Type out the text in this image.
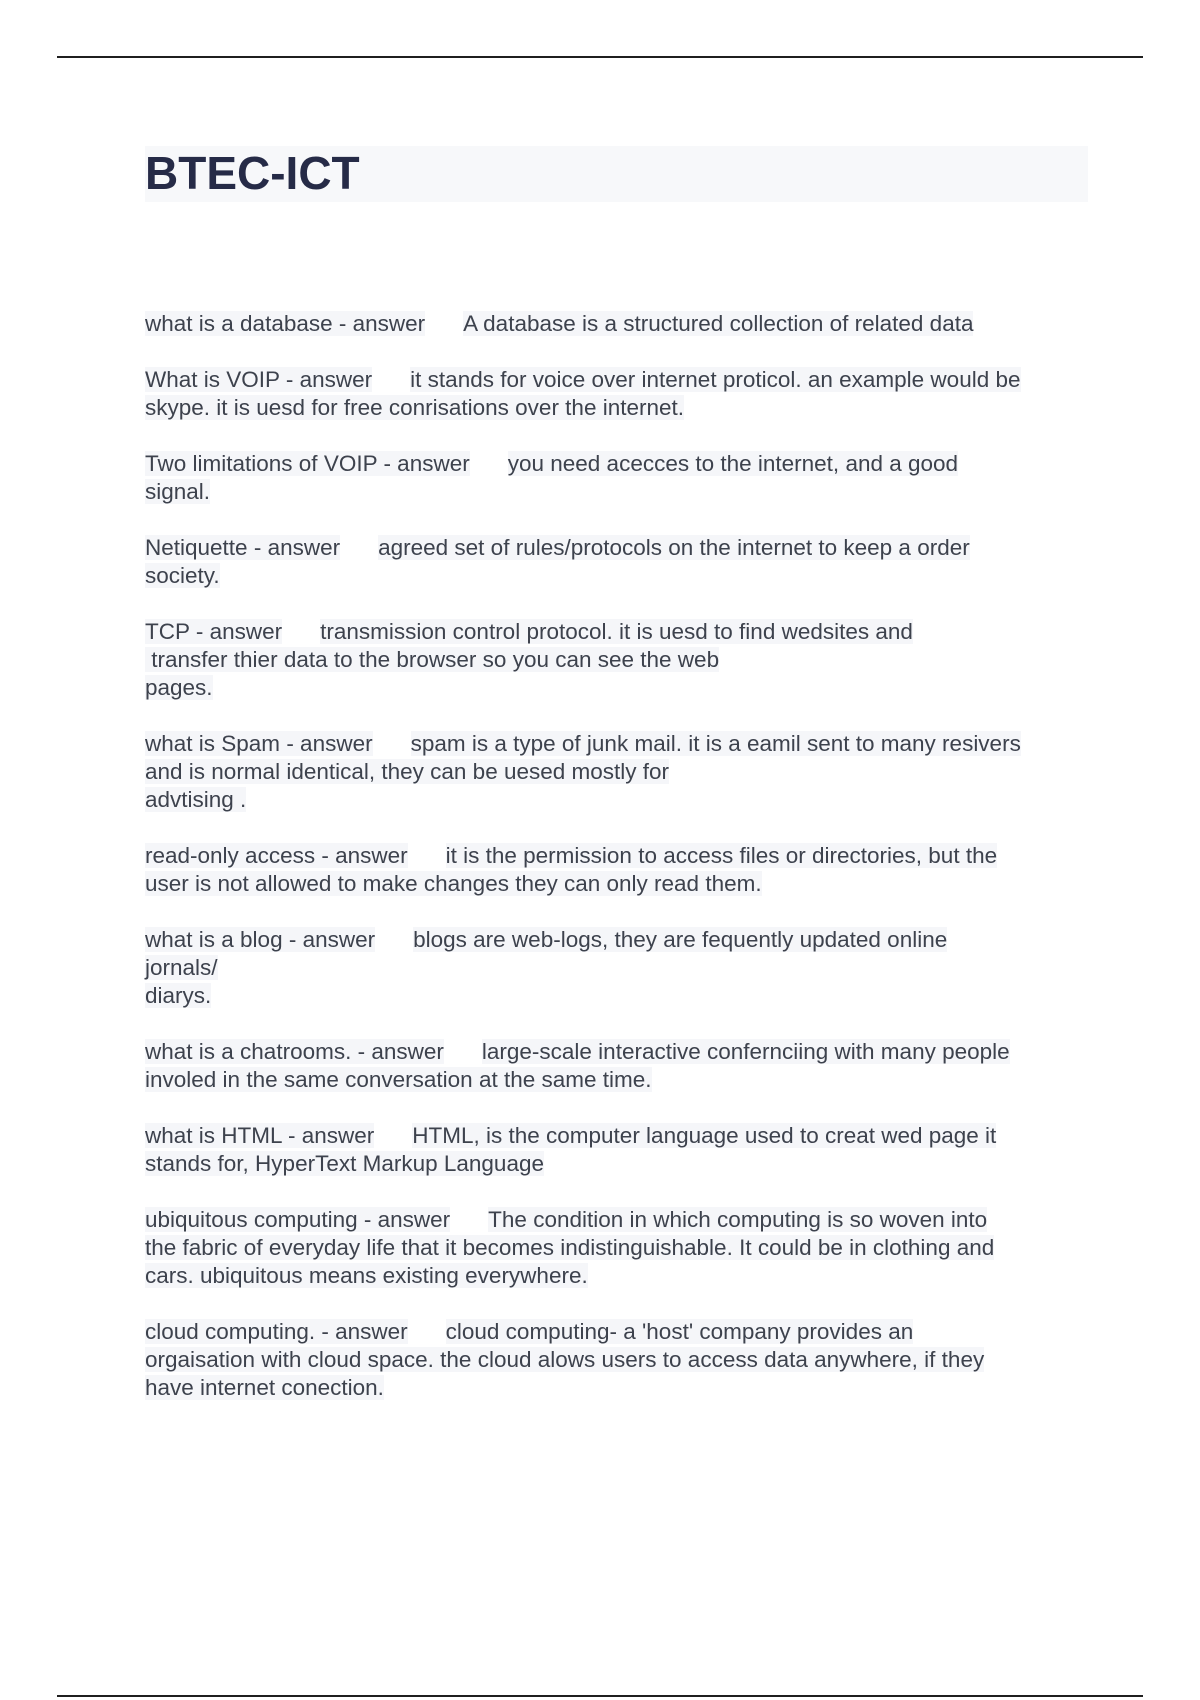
BTEC-ICT
what is a database - answer A database is a structured collection of related data
What is VOIP - answer it stands for voice over internet proticol. an example would be
skype. it is uesd for free conrisations over the internet.
Two limitations of VOIP - answer you need acecces to the internet, and a good
signal.
Netiquette - answer agreed set of rules/protocols on the internet to keep a order
society.
TCP - answer transmission control protocol. it is uesd to find wedsites and
transfer thier data to the browser so you can see the web
pages.
what is Spam - answer spam is a type of junk mail. it is a eamil sent to many resivers
and is normal identical, they can be uesed mostly for
advtising .
read-only access - answer it is the permission to access files or directories, but the
user is not allowed to make changes they can only read them.
what is a blog - answer blogs are web-logs, they are fequently updated online
jornals/
diarys.
what is a chatrooms. - answer large-scale interactive confernciing with many people
involed in the same conversation at the same time.
what is HTML - answer HTML, is the computer language used to creat wed page it
stands for, HyperText Markup Language
ubiquitous computing - answer The condition in which computing is so woven into
the fabric of everyday life that it becomes indistinguishable. It could be in clothing and
cars. ubiquitous means existing everywhere.
cloud computing. - answer cloud computing- a 'host' company provides an
orgaisation with cloud space. the cloud alows users to access data anywhere, if they
have internet conection.
